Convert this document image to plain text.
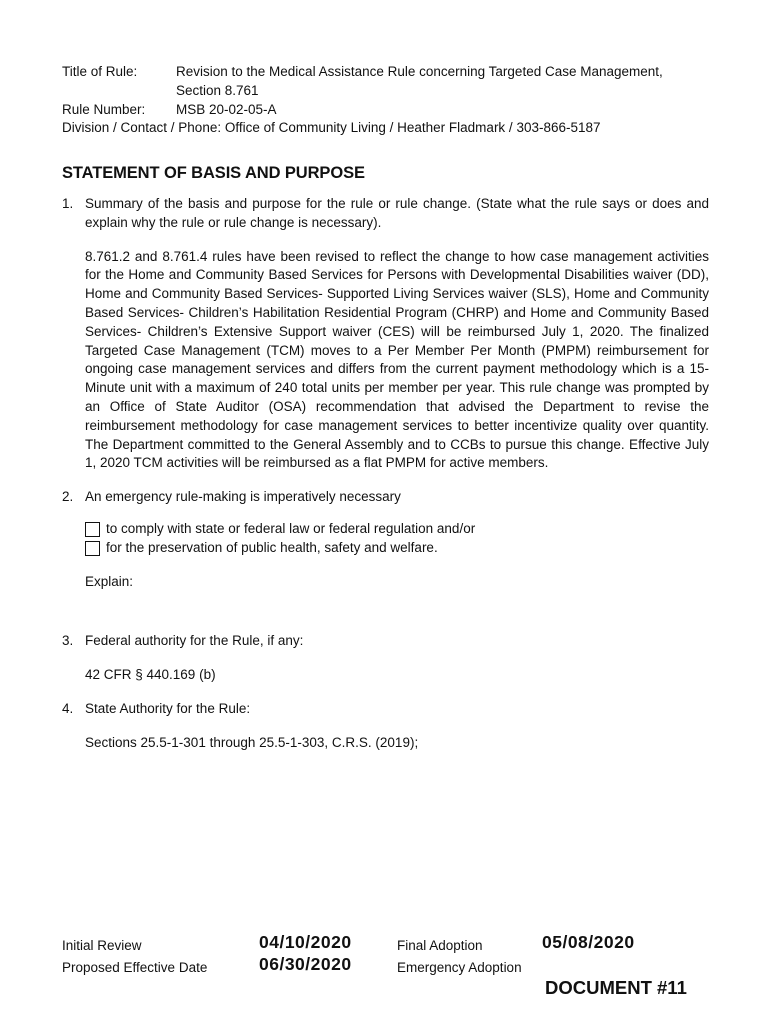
Title of Rule:	Revision to the Medical Assistance Rule concerning Targeted Case Management, Section 8.761
Rule Number:	MSB 20-02-05-A
Division / Contact / Phone: Office of Community Living / Heather Fladmark / 303-866-5187
STATEMENT OF BASIS AND PURPOSE
1. Summary of the basis and purpose for the rule or rule change. (State what the rule says or does and explain why the rule or rule change is necessary).
8.761.2 and 8.761.4 rules have been revised to reflect the change to how case management activities for the Home and Community Based Services for Persons with Developmental Disabilities waiver (DD), Home and Community Based Services- Supported Living Services waiver (SLS), Home and Community Based Services- Children’s Habilitation Residential Program (CHRP) and Home and Community Based Services- Children’s Extensive Support waiver (CES) will be reimbursed July 1, 2020. The finalized Targeted Case Management (TCM) moves to a Per Member Per Month (PMPM) reimbursement for ongoing case management services and differs from the current payment methodology which is a 15-Minute unit with a maximum of 240 total units per member per year. This rule change was prompted by an Office of State Auditor (OSA) recommendation that advised the Department to revise the reimbursement methodology for case management services to better incentivize quality over quantity. The Department committed to the General Assembly and to CCBs to pursue this change. Effective July 1, 2020 TCM activities will be reimbursed as a flat PMPM for active members.
2. An emergency rule-making is imperatively necessary
to comply with state or federal law or federal regulation and/or
for the preservation of public health, safety and welfare.
Explain:
3. Federal authority for the Rule, if any:
42 CFR § 440.169 (b)
4. State Authority for the Rule:
Sections 25.5-1-301 through 25.5-1-303, C.R.S. (2019);
Initial Review	04/10/2020	Final Adoption	05/08/2020
Proposed Effective Date	06/30/2020	Emergency Adoption
DOCUMENT #11
